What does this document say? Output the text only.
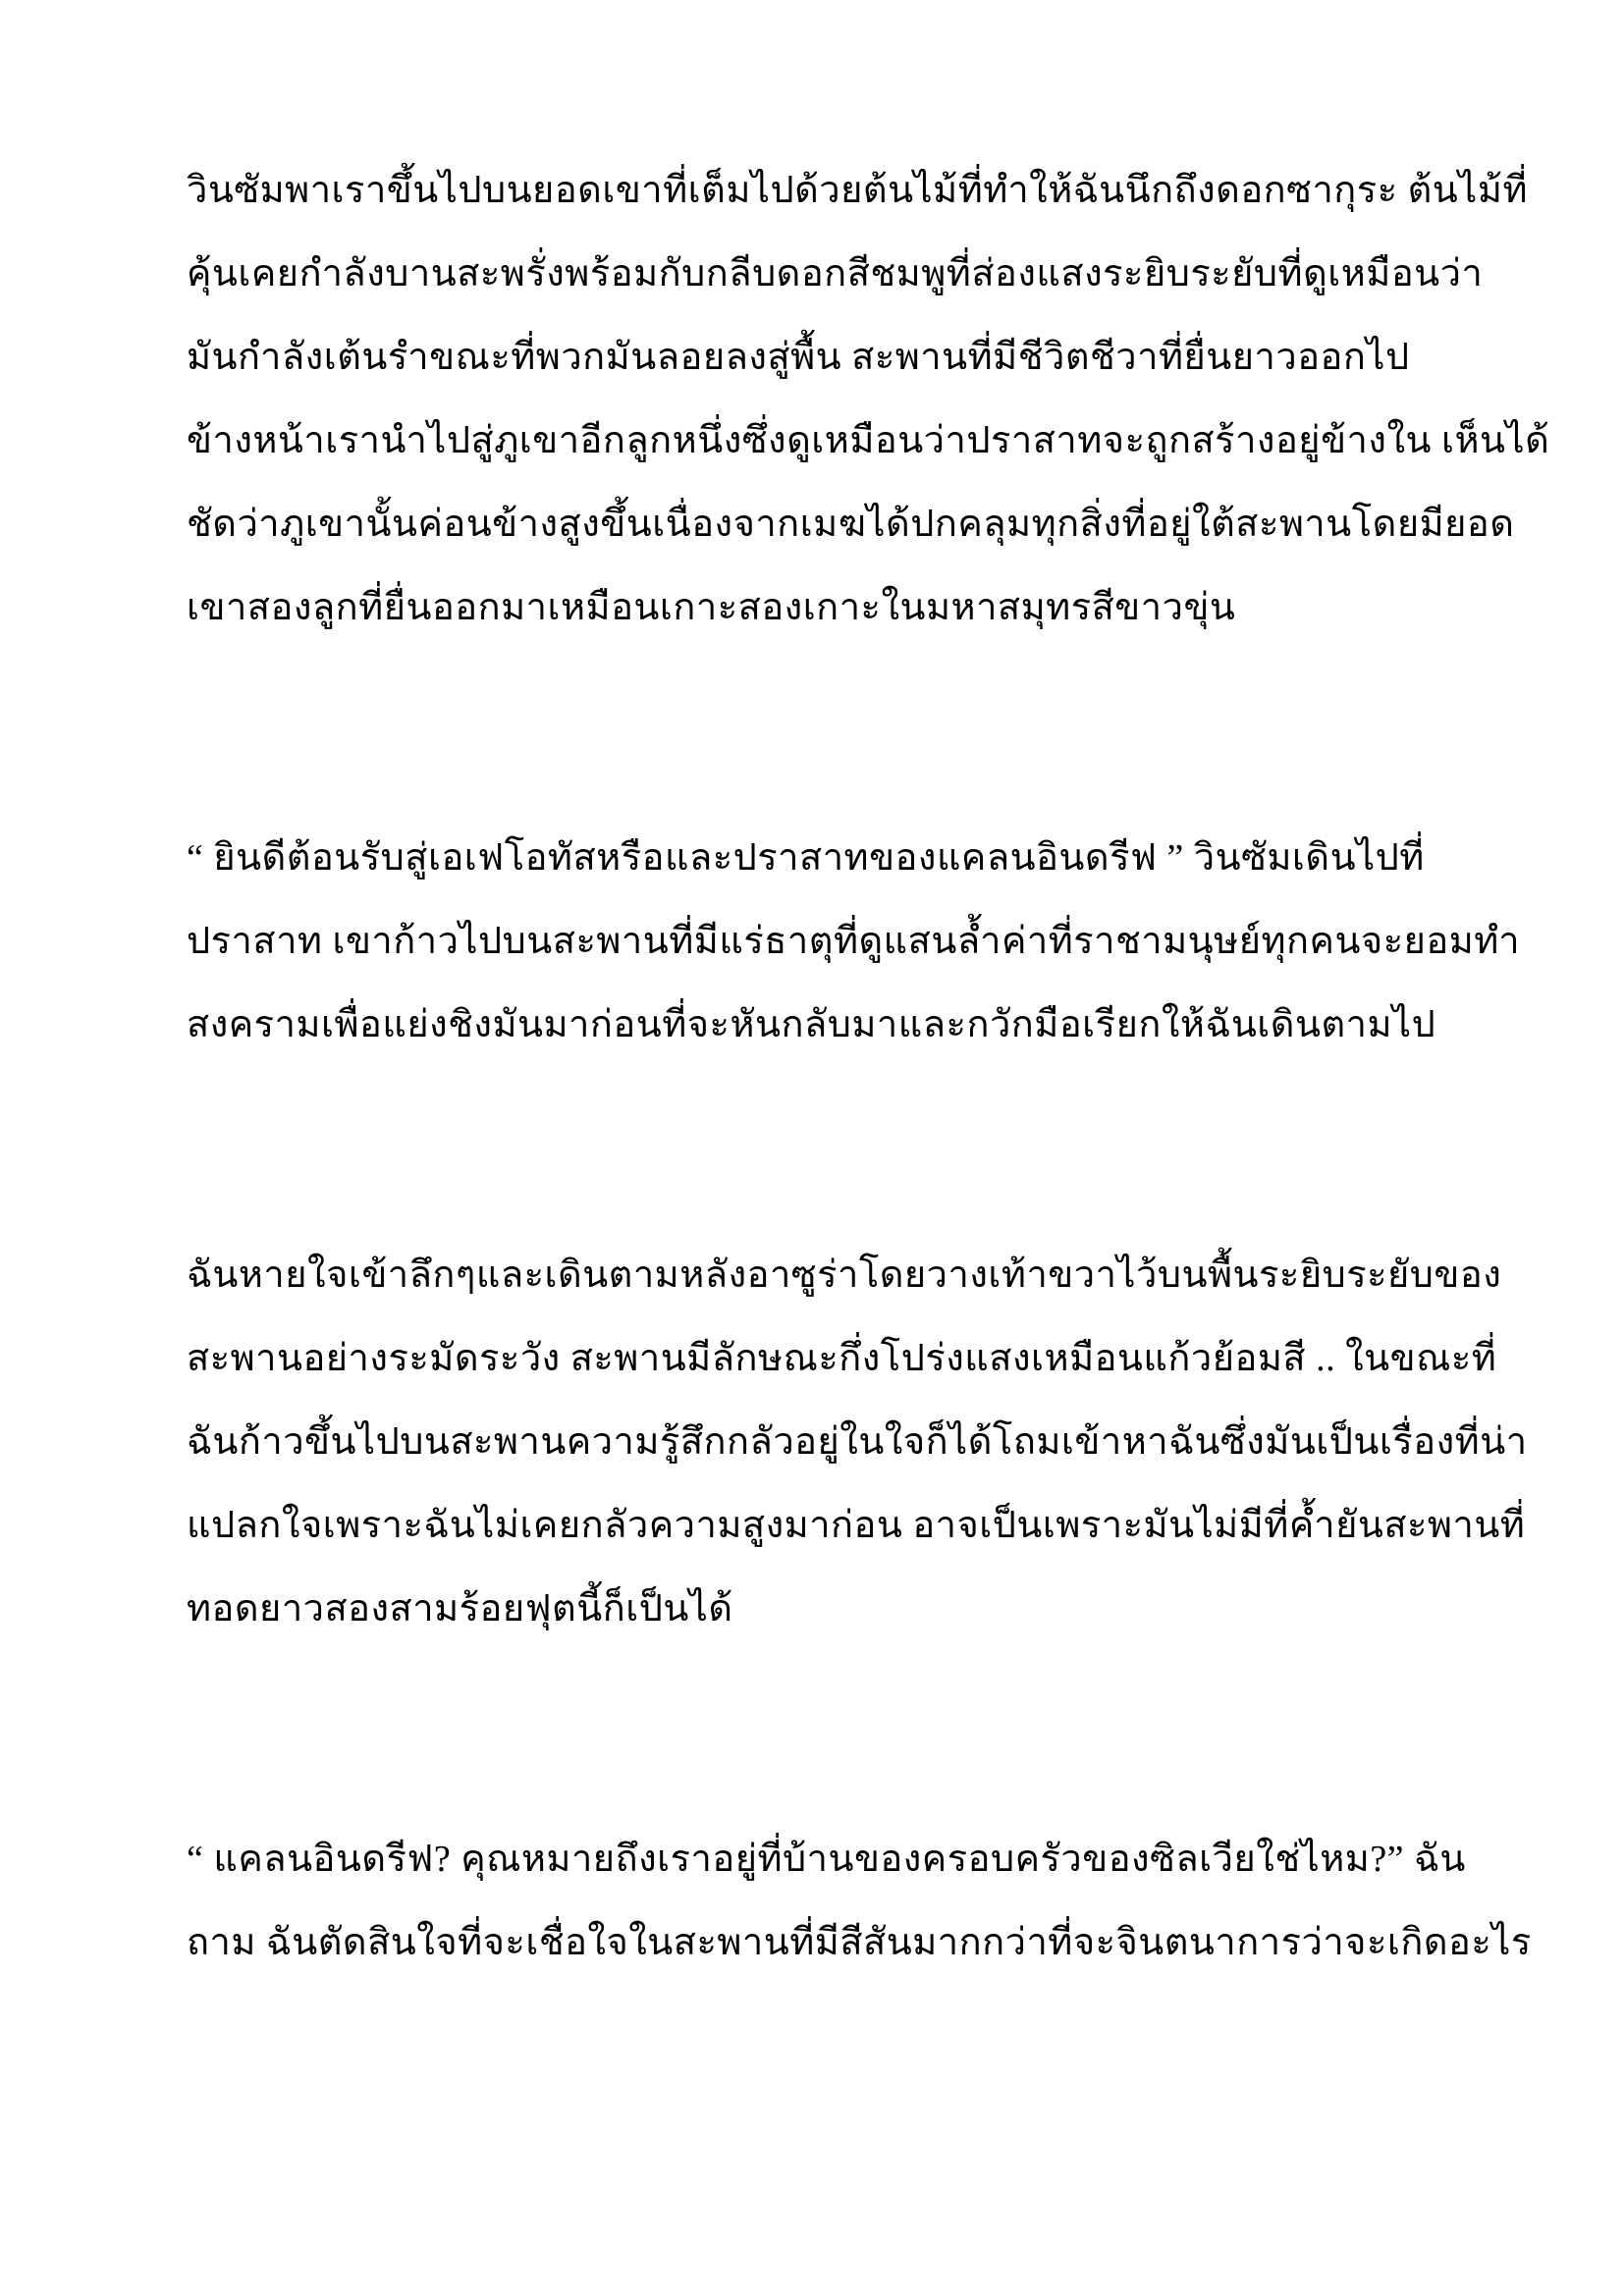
วินซัมพาเราขึ้นไปบนยอดเขาที่เต็มไปด้วยต้นไม้ที่ทำให้ฉันนึกถึงดอกซากุระ ต้นไม้ที่
คุ้นเคยกำลังบานสะพรั่งพร้อมกับกลีบดอกสีชมพูที่ส่องแสงระยิบระยับที่ดูเหมือนว่า
มันกำลังเต้นรำขณะที่พวกมันลอยลงสู่พื้น สะพานที่มีชีวิตชีวาที่ยื่นยาวออกไป
ข้างหน้าเรานำไปสู่ภูเขาอีกลูกหนึ่งซึ่งดูเหมือนว่าปราสาทจะถูกสร้างอยู่ข้างใน เห็นได้
ชัดว่าภูเขานั้นค่อนข้างสูงขึ้นเนื่องจากเมฆได้ปกคลุมทุกสิ่งที่อยู่ใต้สะพานโดยมียอด
เขาสองลูกที่ยื่นออกมาเหมือนเกาะสองเกาะในมหาสมุทรสีขาวขุ่น

“ ยินดีต้อนรับสู่เอเฟโอทัสหรือและปราสาทของแคลนอินดรีฟ ” วินซัมเดินไปที่
ปราสาท เขาก้าวไปบนสะพานที่มีแร่ธาตุที่ดูแสนล้ำค่าที่ราชามนุษย์ทุกคนจะยอมทำ
สงครามเพื่อแย่งชิงมันมาก่อนที่จะหันกลับมาและกวักมือเรียกให้ฉันเดินตามไป

ฉันหายใจเข้าลึกๆและเดินตามหลังอาซูร่าโดยวางเท้าขวาไว้บนพื้นระยิบระยับของ
สะพานอย่างระมัดระวัง สะพานมีลักษณะกึ่งโปร่งแสงเหมือนแก้วย้อมสี .. ในขณะที่
ฉันก้าวขึ้นไปบนสะพานความรู้สึกกลัวอยู่ในใจก็ได้โถมเข้าหาฉันซึ่งมันเป็นเรื่องที่น่า
แปลกใจเพราะฉันไม่เคยกลัวความสูงมาก่อน อาจเป็นเพราะมันไม่มีที่ค้ำยันสะพานที่
ทอดยาวสองสามร้อยฟุตนี้ก็เป็นได้

“ แคลนอินดรีฟ? คุณหมายถึงเราอยู่ที่บ้านของครอบครัวของซิลเวียใช่ไหม?” ฉัน
ถาม ฉันตัดสินใจที่จะเชื่อใจในสะพานที่มีสีสันมากกว่าที่จะจินตนาการว่าจะเกิดอะไร
